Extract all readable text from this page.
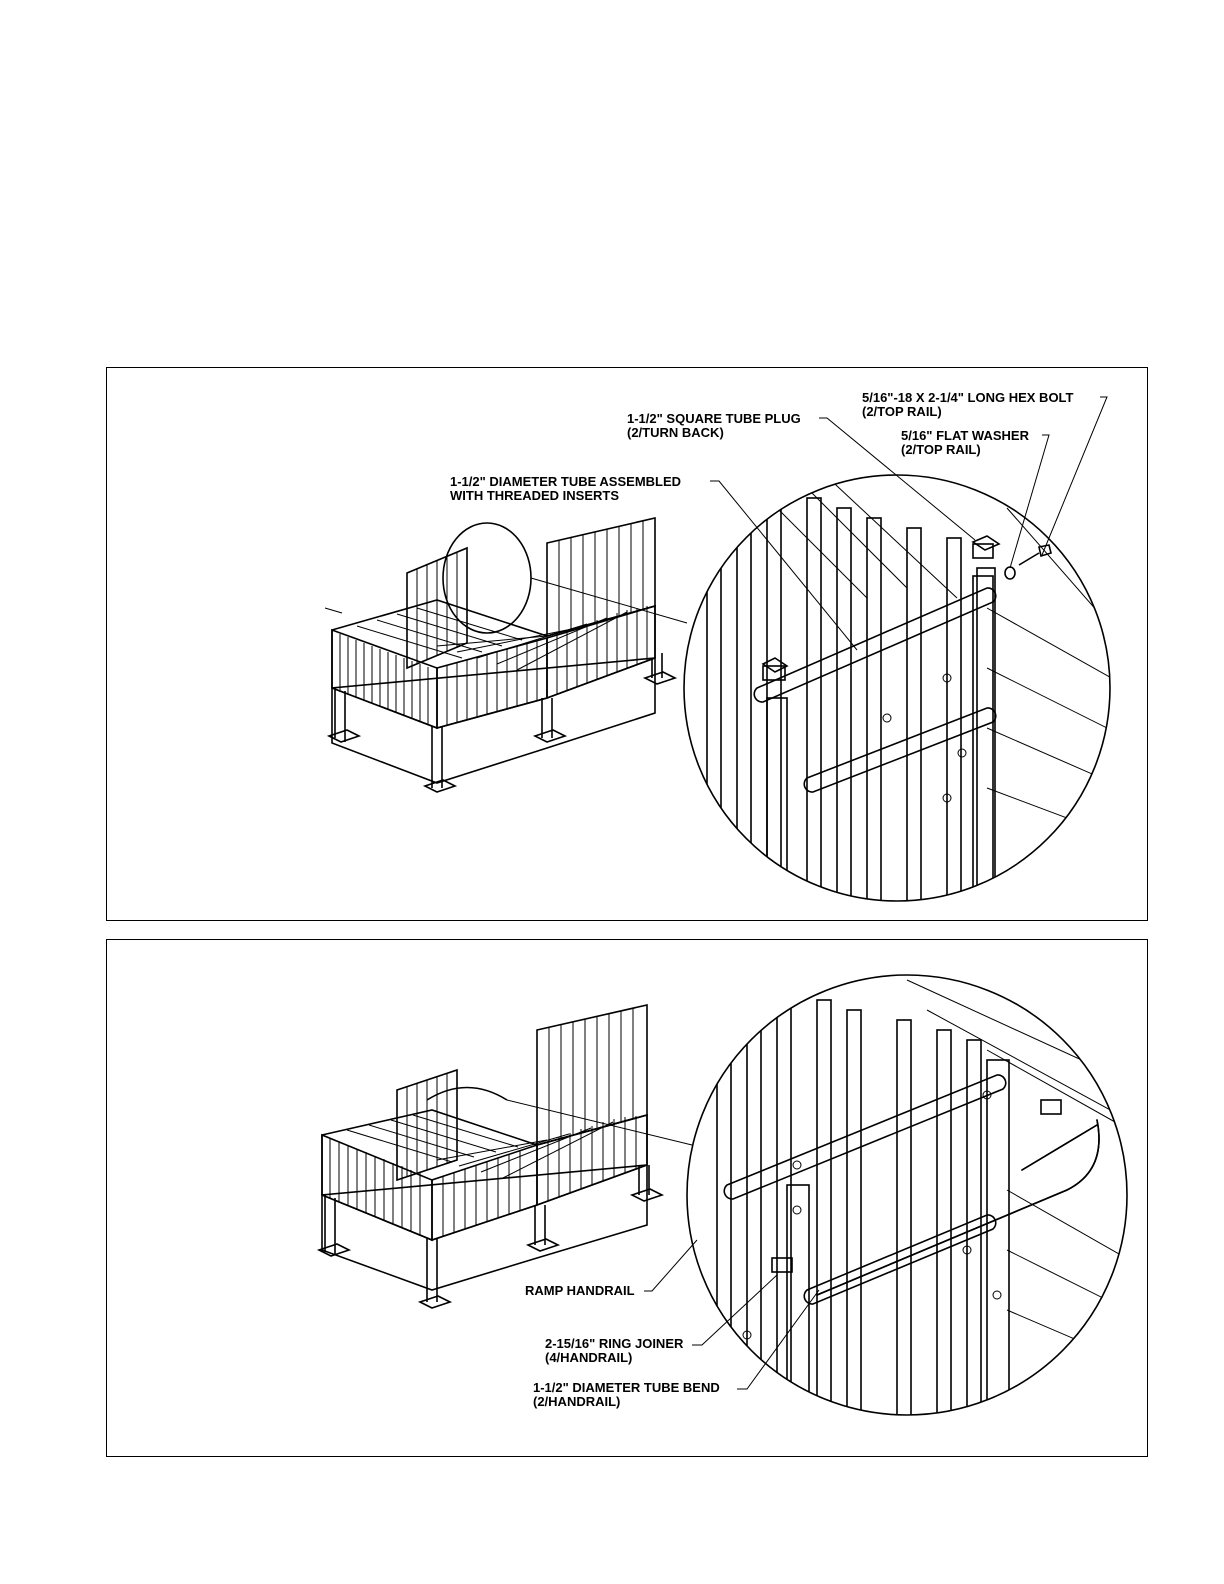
5/16"-18 X 2-1/4" LONG HEX BOLT
(2/TOP RAIL)
1-1/2" SQUARE TUBE PLUG
(2/TURN BACK)	5/16" FLAT WASHER
(2/TOP RAIL)
1-1/2" DIAMETER TUBE ASSEMBLED
WITH THREADED INSERTS
RAMP HANDRAIL
2-15/16" RING JOINER
(4/HANDRAIL)
1-1/2" DIAMETER TUBE BEND
(2/HANDRAIL)
